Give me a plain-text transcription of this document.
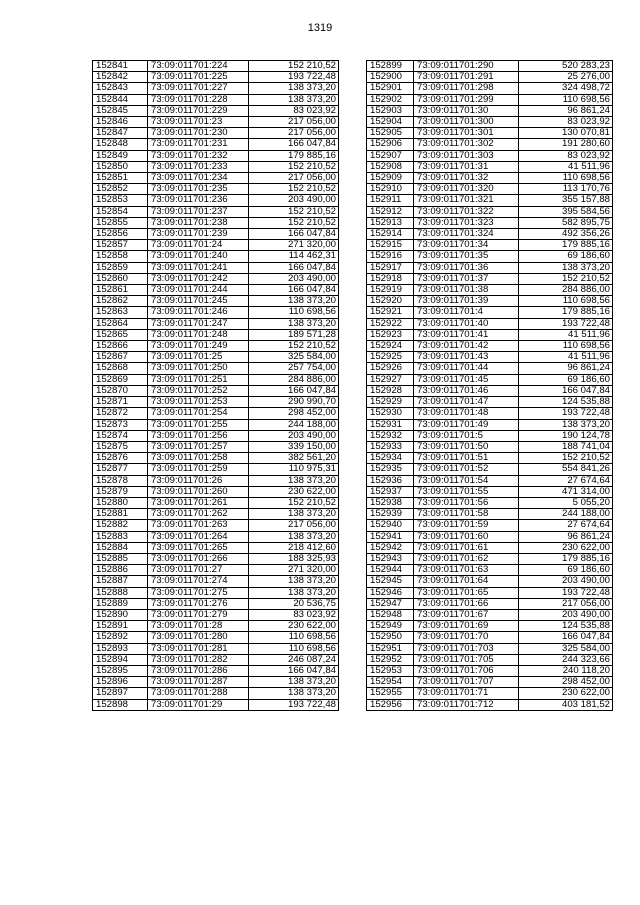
1319
152841	73:09:011701:224	152 210,52
152842	73:09:011701:225	193 722,48
152843	73:09:011701:227	138 373,20
152844	73:09:011701:228	138 373,20
152845	73:09:011701:229	83 023,92
152846	73:09:011701:23	217 056,00
152847	73:09:011701:230	217 056,00
152848	73:09:011701:231	166 047,84
152849	73:09:011701:232	179 885,16
152850	73:09:011701:233	152 210,52
152851	73:09:011701:234	217 056,00
152852	73:09:011701:235	152 210,52
152853	73:09:011701:236	203 490,00
152854	73:09:011701:237	152 210,52
152855	73:09:011701:238	152 210,52
152856	73:09:011701:239	166 047,84
152857	73:09:011701:24	271 320,00
152858	73:09:011701:240	114 462,31
152859	73:09:011701:241	166 047,84
152860	73:09:011701:242	203 490,00
152861	73:09:011701:244	166 047,84
152862	73:09:011701:245	138 373,20
152863	73:09:011701:246	110 698,56
152864	73:09:011701:247	138 373,20
152865	73:09:011701:248	189 571,28
152866	73:09:011701:249	152 210,52
152867	73:09:011701:25	325 584,00
152868	73:09:011701:250	257 754,00
152869	73:09:011701:251	284 886,00
152870	73:09:011701:252	166 047,84
152871	73:09:011701:253	290 990,70
152872	73:09:011701:254	298 452,00
152873	73:09:011701:255	244 188,00
152874	73:09:011701:256	203 490,00
152875	73:09:011701:257	339 150,00
152876	73:09:011701:258	382 561,20
152877	73:09:011701:259	110 975,31
152878	73:09:011701:26	138 373,20
152879	73:09:011701:260	230 622,00
152880	73:09:011701:261	152 210,52
152881	73:09:011701:262	138 373,20
152882	73:09:011701:263	217 056,00
152883	73:09:011701:264	138 373,20
152884	73:09:011701:265	218 412,60
152885	73:09:011701:266	188 325,93
152886	73:09:011701:27	271 320,00
152887	73:09:011701:274	138 373,20
152888	73:09:011701:275	138 373,20
152889	73:09:011701:276	20 536,75
152890	73:09:011701:279	83 023,92
152891	73:09:011701:28	230 622,00
152892	73:09:011701:280	110 698,56
152893	73:09:011701:281	110 698,56
152894	73:09:011701:282	246 087,24
152895	73:09:011701:286	166 047,84
152896	73:09:011701:287	138 373,20
152897	73:09:011701:288	138 373,20
152898	73:09:011701:29	193 722,48
152899	73:09:011701:290	520 283,23
152900	73:09:011701:291	25 276,00
152901	73:09:011701:298	324 498,72
152902	73:09:011701:299	110 698,56
152903	73:09:011701:30	96 861,24
152904	73:09:011701:300	83 023,92
152905	73:09:011701:301	130 070,81
152906	73:09:011701:302	191 280,60
152907	73:09:011701:303	83 023,92
152908	73:09:011701:31	41 511,96
152909	73:09:011701:32	110 698,56
152910	73:09:011701:320	113 170,76
152911	73:09:011701:321	355 157,88
152912	73:09:011701:322	395 584,56
152913	73:09:011701:323	582 895,75
152914	73:09:011701:324	492 356,26
152915	73:09:011701:34	179 885,16
152916	73:09:011701:35	69 186,60
152917	73:09:011701:36	138 373,20
152918	73:09:011701:37	152 210,52
152919	73:09:011701:38	284 886,00
152920	73:09:011701:39	110 698,56
152921	73:09:011701:4	179 885,16
152922	73:09:011701:40	193 722,48
152923	73:09:011701:41	41 511,96
152924	73:09:011701:42	110 698,56
152925	73:09:011701:43	41 511,96
152926	73:09:011701:44	96 861,24
152927	73:09:011701:45	69 186,60
152928	73:09:011701:46	166 047,84
152929	73:09:011701:47	124 535,88
152930	73:09:011701:48	193 722,48
152931	73:09:011701:49	138 373,20
152932	73:09:011701:5	190 124,78
152933	73:09:011701:50	188 741,04
152934	73:09:011701:51	152 210,52
152935	73:09:011701:52	554 841,26
152936	73:09:011701:54	27 674,64
152937	73:09:011701:55	471 314,00
152938	73:09:011701:56	5 055,20
152939	73:09:011701:58	244 188,00
152940	73:09:011701:59	27 674,64
152941	73:09:011701:60	96 861,24
152942	73:09:011701:61	230 622,00
152943	73:09:011701:62	179 885,16
152944	73:09:011701:63	69 186,60
152945	73:09:011701:64	203 490,00
152946	73:09:011701:65	193 722,48
152947	73:09:011701:66	217 056,00
152948	73:09:011701:67	203 490,00
152949	73:09:011701:69	124 535,88
152950	73:09:011701:70	166 047,84
152951	73:09:011701:703	325 584,00
152952	73:09:011701:705	244 323,66
152953	73:09:011701:706	240 118,20
152954	73:09:011701:707	298 452,00
152955	73:09:011701:71	230 622,00
152956	73:09:011701:712	403 181,52
